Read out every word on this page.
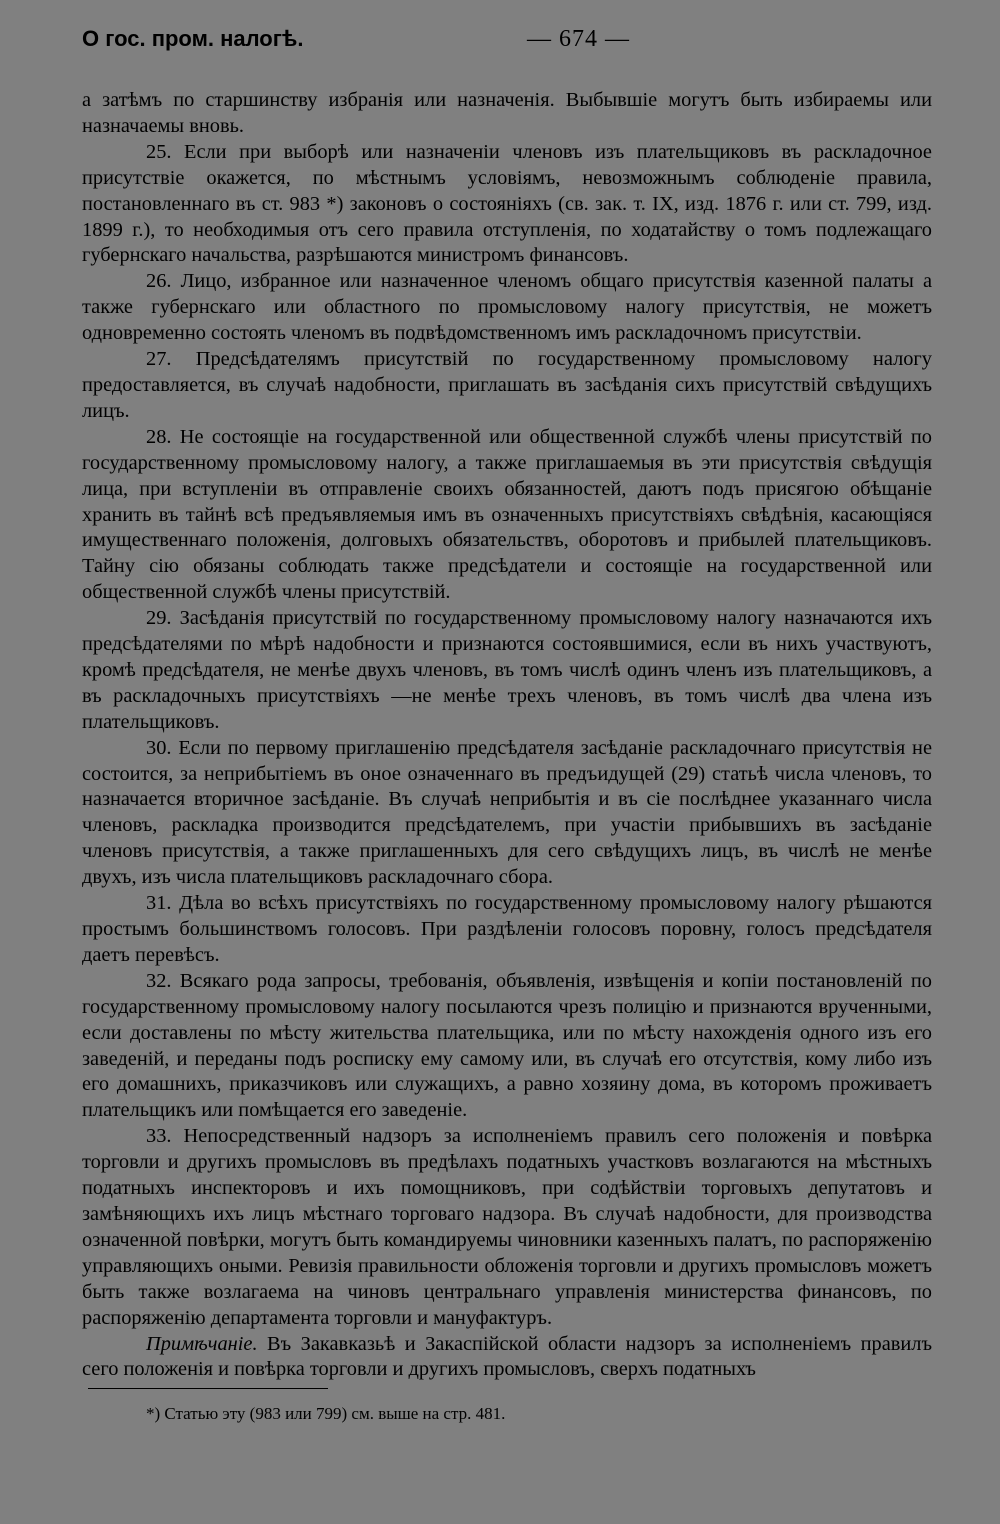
О гос. пром. налогѣ.	— 674 —

а затѣмъ по старшинству избранія или назначенія. Выбывшіе могутъ быть избираемы или назначаемы вновь.

25. Если при выборѣ или назначеніи членовъ изъ плательщиковъ въ раскладочное присутствіе окажется, по мѣстнымъ условіямъ, невозможнымъ соблюденіе правила, постановленнаго въ ст. 983 *) законовъ о состояніяхъ (св. зак. т. IX, изд. 1876 г. или ст. 799, изд. 1899 г.), то необходимыя отъ сего правила отступленія, по ходатайству о томъ подлежащаго губернскаго начальства, разрѣшаются министромъ финансовъ.

26. Лицо, избранное или назначенное членомъ общаго присутствія казенной палаты а также губернскаго или областного по промысловому налогу присутствія, не можетъ одновременно состоять членомъ въ подвѣдомственномъ имъ раскладочномъ присутствіи.

27. Предсѣдателямъ присутствій по государственному промысловому налогу предоставляется, въ случаѣ надобности, приглашать въ засѣданія сихъ присутствій свѣдущихъ лицъ.

28. Не состоящіе на государственной или общественной службѣ члены присутствій по государственному промысловому налогу, а также приглашаемыя въ эти присутствія свѣдущія лица, при вступленіи въ отправленіе своихъ обязанностей, даютъ подъ присягою обѣщаніе хранить въ тайнѣ всѣ предъявляемыя имъ въ означенныхъ присутствіяхъ свѣдѣнія, касающіяся имущественнаго положенія, долговыхъ обязательствъ, оборотовъ и прибылей плательщиковъ. Тайну сію обязаны соблюдать также предсѣдатели и состоящіе на государственной или общественной службѣ члены присутствій.

29. Засѣданія присутствій по государственному промысловому налогу назначаются ихъ предсѣдателями по мѣрѣ надобности и признаются состоявшимися, если въ нихъ участвуютъ, кромѣ предсѣдателя, не менѣе двухъ членовъ, въ томъ числѣ одинъ членъ изъ плательщиковъ, а въ раскладочныхъ присутствіяхъ —не менѣе трехъ членовъ, въ томъ числѣ два члена изъ плательщиковъ.

30. Если по первому приглашенію предсѣдателя засѣданіе раскладочнаго присутствія не состоится, за неприбытіемъ въ оное означеннаго въ предъидущей (29) статьѣ числа членовъ, то назначается вторичное засѣданіе. Въ случаѣ неприбытія и въ сіе послѣднее указаннаго числа членовъ, раскладка производится предсѣдателемъ, при участіи прибывшихъ въ засѣданіе членовъ присутствія, а также приглашенныхъ для сего свѣдущихъ лицъ, въ числѣ не менѣе двухъ, изъ числа плательщиковъ раскладочнаго сбора.

31. Дѣла во всѣхъ присутствіяхъ по государственному промысловому налогу рѣшаются простымъ большинствомъ голосовъ. При раздѣленіи голосовъ поровну, голосъ предсѣдателя даетъ перевѣсъ.

32. Всякаго рода запросы, требованія, объявленія, извѣщенія и копіи постановленій по государственному промысловому налогу посылаются чрезъ полицію и признаются врученными, если доставлены по мѣсту жительства плательщика, или по мѣсту нахожденія одного изъ его заведеній, и переданы подъ росписку ему самому или, въ случаѣ его отсутствія, кому либо изъ его домашнихъ, приказчиковъ или служащихъ, а равно хозяину дома, въ которомъ проживаетъ плательщикъ или помѣщается его заведеніе.

33. Непосредственный надзоръ за исполненіемъ правилъ сего положенія и повѣрка торговли и другихъ промысловъ въ предѣлахъ податныхъ участковъ возлагаются на мѣстныхъ податныхъ инспекторовъ и ихъ помощниковъ, при содѣйствіи торговыхъ депутатовъ и замѣняющихъ ихъ лицъ мѣстнаго торговаго надзора. Въ случаѣ надобности, для производства означенной повѣрки, могутъ быть командируемы чиновники казенныхъ палатъ, по распоряженію управляющихъ оными. Ревизія правильности обложенія торговли и другихъ промысловъ можетъ быть также возлагаема на чиновъ центральнаго управленія министерства финансовъ, по распоряженію департамента торговли и мануфактуръ.

Примѣчаніе. Въ Закавказьѣ и Закаспійской области надзоръ за исполненіемъ правилъ сего положенія и повѣрка торговли и другихъ промысловъ, сверхъ податныхъ

*) Статью эту (983 или 799) см. выше на стр. 481.
